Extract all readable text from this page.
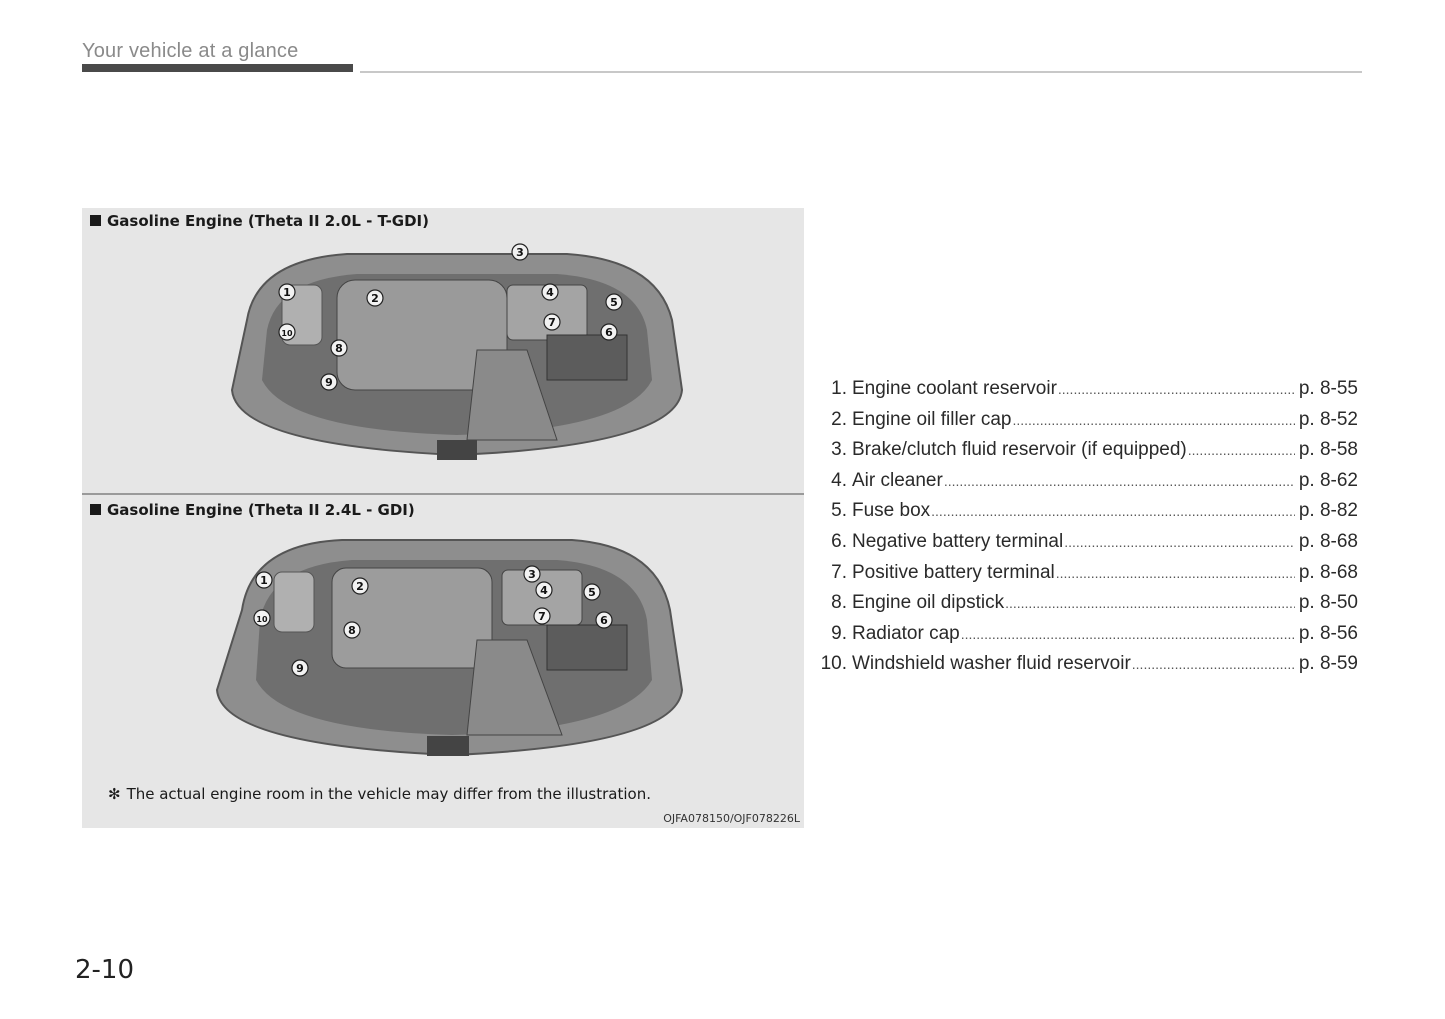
Your vehicle at a glance
Gasoline Engine (Theta II 2.0L - T-GDI)
1	2
3
4
5
6
7
8
9
10
Gasoline Engine (Theta II 2.4L - GDI)
1	2
3
4	5
6
7
8
9
10
✻ The actual engine room in the vehicle may differ from the illustration.
OJFA078150/OJF078226L
1. Engine coolant reservoir .....	p. 8-55
2. Engine oil filler cap .....	p. 8-52
3. Brake/clutch fluid reservoir (if equipped) .....	p. 8-58
4. Air cleaner .....	p. 8-62
5. Fuse box .....	p. 8-82
6. Negative battery terminal .....	p. 8-68
7. Positive battery terminal .....	p. 8-68
8. Engine oil dipstick .....	p. 8-50
9. Radiator cap .....	p. 8-56
10. Windshield washer fluid reservoir .....	p. 8-59
2-10
